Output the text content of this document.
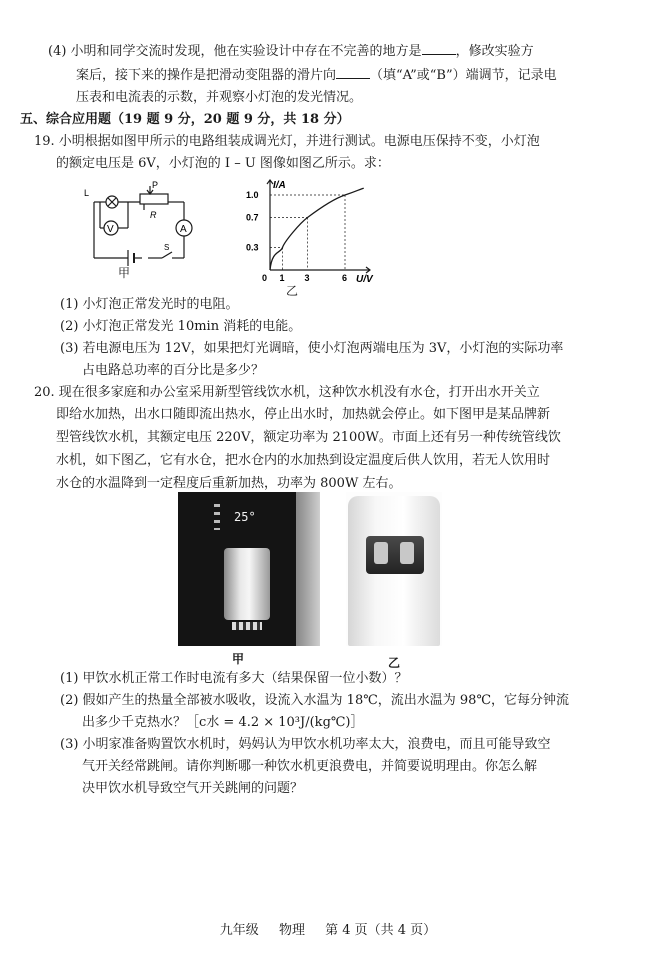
(4) 小明和同学交流时发现，他在实验设计中存在不完善的地方是	，修改实验方
案后，接下来的操作是把滑动变阻器的滑片向	（填“A”或“B”）端调节，记录电
压表和电流表的示数，并观察小灯泡的发光情况。
五、综合应用题（19 题 9 分，20 题 9 分，共 18 分）
19. 小明根据如图甲所示的电路组装成调光灯，并进行测试。电源电压保持不变，小灯泡
的额定电压是 6V，小灯泡的 I – U 图像如图乙所示。求：
L
P
R
V	A
S
甲
1.0
0.7
0.3
0 1 3	6
I/A
U/V
乙
(1) 小灯泡正常发光时的电阻。
(2) 小灯泡正常发光 10min 消耗的电能。
(3) 若电源电压为 12V，如果把灯光调暗，使小灯泡两端电压为 3V，小灯泡的实际功率
占电路总功率的百分比是多少？
20. 现在很多家庭和办公室采用新型管线饮水机，这种饮水机没有水仓，打开出水开关立
即给水加热，出水口随即流出热水，停止出水时，加热就会停止。如下图甲是某品牌新
型管线饮水机，其额定电压 220V，额定功率为 2100W。市面上还有另一种传统管线饮
水机，如下图乙，它有水仓，把水仓内的水加热到设定温度后供人饮用，若无人饮用时
水仓的水温降到一定程度后重新加热，功率为 800W 左右。
25°
甲	乙
(1) 甲饮水机正常工作时电流有多大（结果保留一位小数）？
(2) 假如产生的热量全部被水吸收，设流入水温为 18℃，流出水温为 98℃，它每分钟流
出多少千克热水？［c水 = 4.2 × 10³J/(kg℃)］
(3) 小明家准备购置饮水机时，妈妈认为甲饮水机功率太大，浪费电，而且可能导致空
气开关经常跳闸。请你判断哪一种饮水机更浪费电，并简要说明理由。你怎么解
决甲饮水机导致空气开关跳闸的问题？
九年级 物理 第 4 页（共 4 页）
